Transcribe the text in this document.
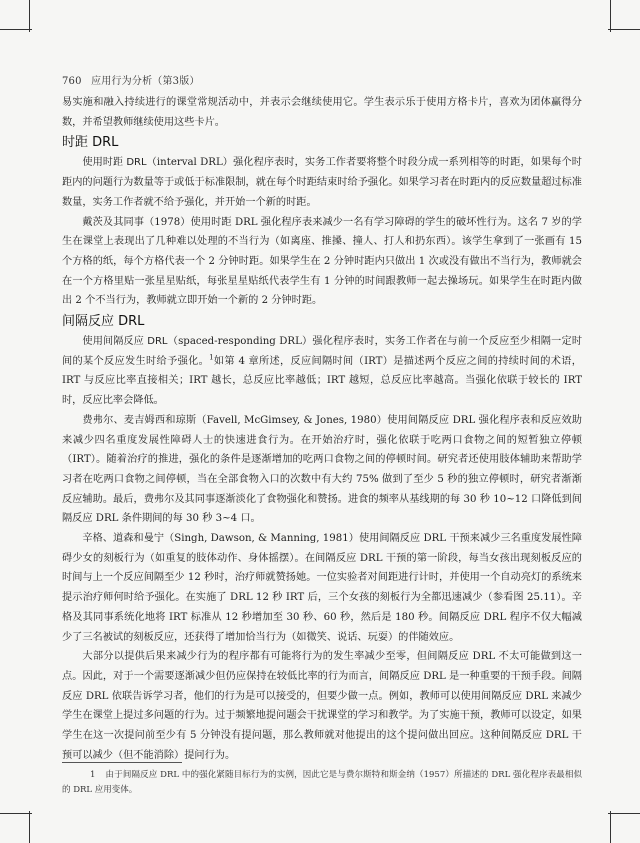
760 应用行为分析（第3版）

易实施和融入持续进行的课堂常规活动中，并表示会继续使用它。学生表示乐于使用方格卡片，喜欢为团体赢得分数，并希望教师继续使用这些卡片。

时距 DRL

使用时距 DRL（interval DRL）强化程序表时，实务工作者要将整个时段分成一系列相等的时距，如果每个时距内的问题行为数量等于或低于标准限制，就在每个时距结束时给予强化。如果学习者在时距内的反应数量超过标准数量，实务工作者就不给予强化，并开始一个新的时距。

戴茨及其同事（1978）使用时距 DRL 强化程序表来减少一名有学习障碍的学生的破坏性行为。这名 7 岁的学生在课堂上表现出了几种难以处理的不当行为（如离座、推搡、撞人、打人和扔东西）。该学生拿到了一张画有 15 个方格的纸，每个方格代表一个 2 分钟时距。如果学生在 2 分钟时距内只做出 1 次或没有做出不当行为，教师就会在一个方格里贴一张星星贴纸，每张星星贴纸代表学生有 1 分钟的时间跟教师一起去操场玩。如果学生在时距内做出 2 个不当行为，教师就立即开始一个新的 2 分钟时距。

间隔反应 DRL

使用间隔反应 DRL（spaced-responding DRL）强化程序表时，实务工作者在与前一个反应至少相隔一定时间的某个反应发生时给予强化。$^1$如第 4 章所述，反应间隔时间（IRT）是描述两个反应之间的持续时间的术语，IRT 与反应比率直接相关；IRT 越长，总反应比率越低；IRT 越短，总反应比率越高。当强化依联于较长的 IRT 时，反应比率会降低。

费弗尔、麦吉姆西和琼斯（Favell, McGimsey, & Jones, 1980）使用间隔反应 DRL 强化程序表和反应效助来减少四名重度发展性障碍人士的快速进食行为。在开始治疗时，强化依联于吃两口食物之间的短暂独立停顿（IRT）。随着治疗的推进，强化的条件是逐渐增加的吃两口食物之间的停顿时间。研究者还使用肢体辅助来帮助学习者在吃两口食物之间停顿，当在全部食物入口的次数中有大约 75% 做到了至少 5 秒的独立停顿时，研究者渐渐反应辅助。最后，费弗尔及其同事逐渐淡化了食物强化和赞扬。进食的频率从基线期的每 30 秒 10~12 口降低到间隔反应 DRL 条件期间的每 30 秒 3~4 口。

辛格、道森和曼宁（Singh, Dawson, & Manning, 1981）使用间隔反应 DRL 干预来减少三名重度发展性障碍少女的刻板行为（如重复的肢体动作、身体摇摆）。在间隔反应 DRL 干预的第一阶段，每当女孩出现刻板反应的时间与上一个反应间隔至少 12 秒时，治疗师就赞扬她。一位实验者对间距进行计时，并使用一个自动亮灯的系统来提示治疗师何时给予强化。在实施了 DRL 12 秒 IRT 后，三个女孩的刻板行为全都迅速减少（参看图 25.11）。辛格及其同事系统化地将 IRT 标准从 12 秒增加至 30 秒、60 秒，然后是 180 秒。间隔反应 DRL 程序不仅大幅减少了三名被试的刻板反应，还获得了增加恰当行为（如微笑、说话、玩耍）的伴随效应。

大部分以提供后果来减少行为的程序都有可能将行为的发生率减少至零，但间隔反应 DRL 不太可能做到这一点。因此，对于一个需要逐渐减少但仍应保持在较低比率的行为而言，间隔反应 DRL 是一种重要的干预手段。间隔反应 DRL 依联告诉学习者，他们的行为是可以接受的，但要少做一点。例如，教师可以使用间隔反应 DRL 来减少学生在课堂上提过多问题的行为。过于频繁地提问题会干扰课堂的学习和教学。为了实施干预，教师可以设定，如果学生在这一次提问前至少有 5 分钟没有提问题，那么教师就对他提出的这个提问做出回应。这种间隔反应 DRL 干预可以减少（但不能消除）提问行为。

1 由于间隔反应 DRL 中的强化紧随目标行为的实例，因此它是与费尔斯特和斯金纳（1957）所描述的 DRL 强化程序表最相似的 DRL 应用变体。
